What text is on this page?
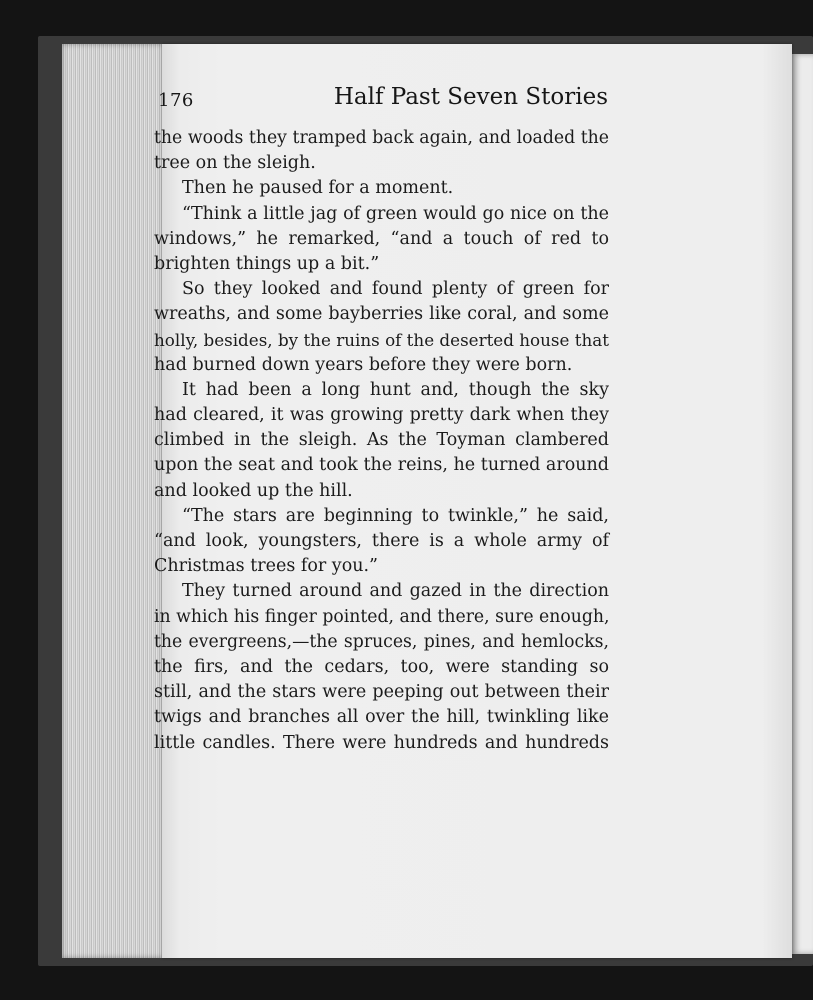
176	Half Past Seven Stories
the woods they tramped back again, and loaded the
tree on the sleigh.
Then he paused for a moment.
“Think a little jag of green would go nice on the
windows,” he remarked, “and a touch of red to
brighten things up a bit.”
So they looked and found plenty of green for
wreaths, and some bayberries like coral, and some
holly, besides, by the ruins of the deserted house that
had burned down years before they were born.
It had been a long hunt and, though the sky
had cleared, it was growing pretty dark when they
climbed in the sleigh. As the Toyman clambered
upon the seat and took the reins, he turned around
and looked up the hill.
“The stars are beginning to twinkle,” he said,
“and look, youngsters, there is a whole army of
Christmas trees for you.”
They turned around and gazed in the direction
in which his finger pointed, and there, sure enough,
the evergreens,—the spruces, pines, and hemlocks,
the firs, and the cedars, too, were standing so
still, and the stars were peeping out between their
twigs and branches all over the hill, twinkling like
little candles. There were hundreds and hundreds
